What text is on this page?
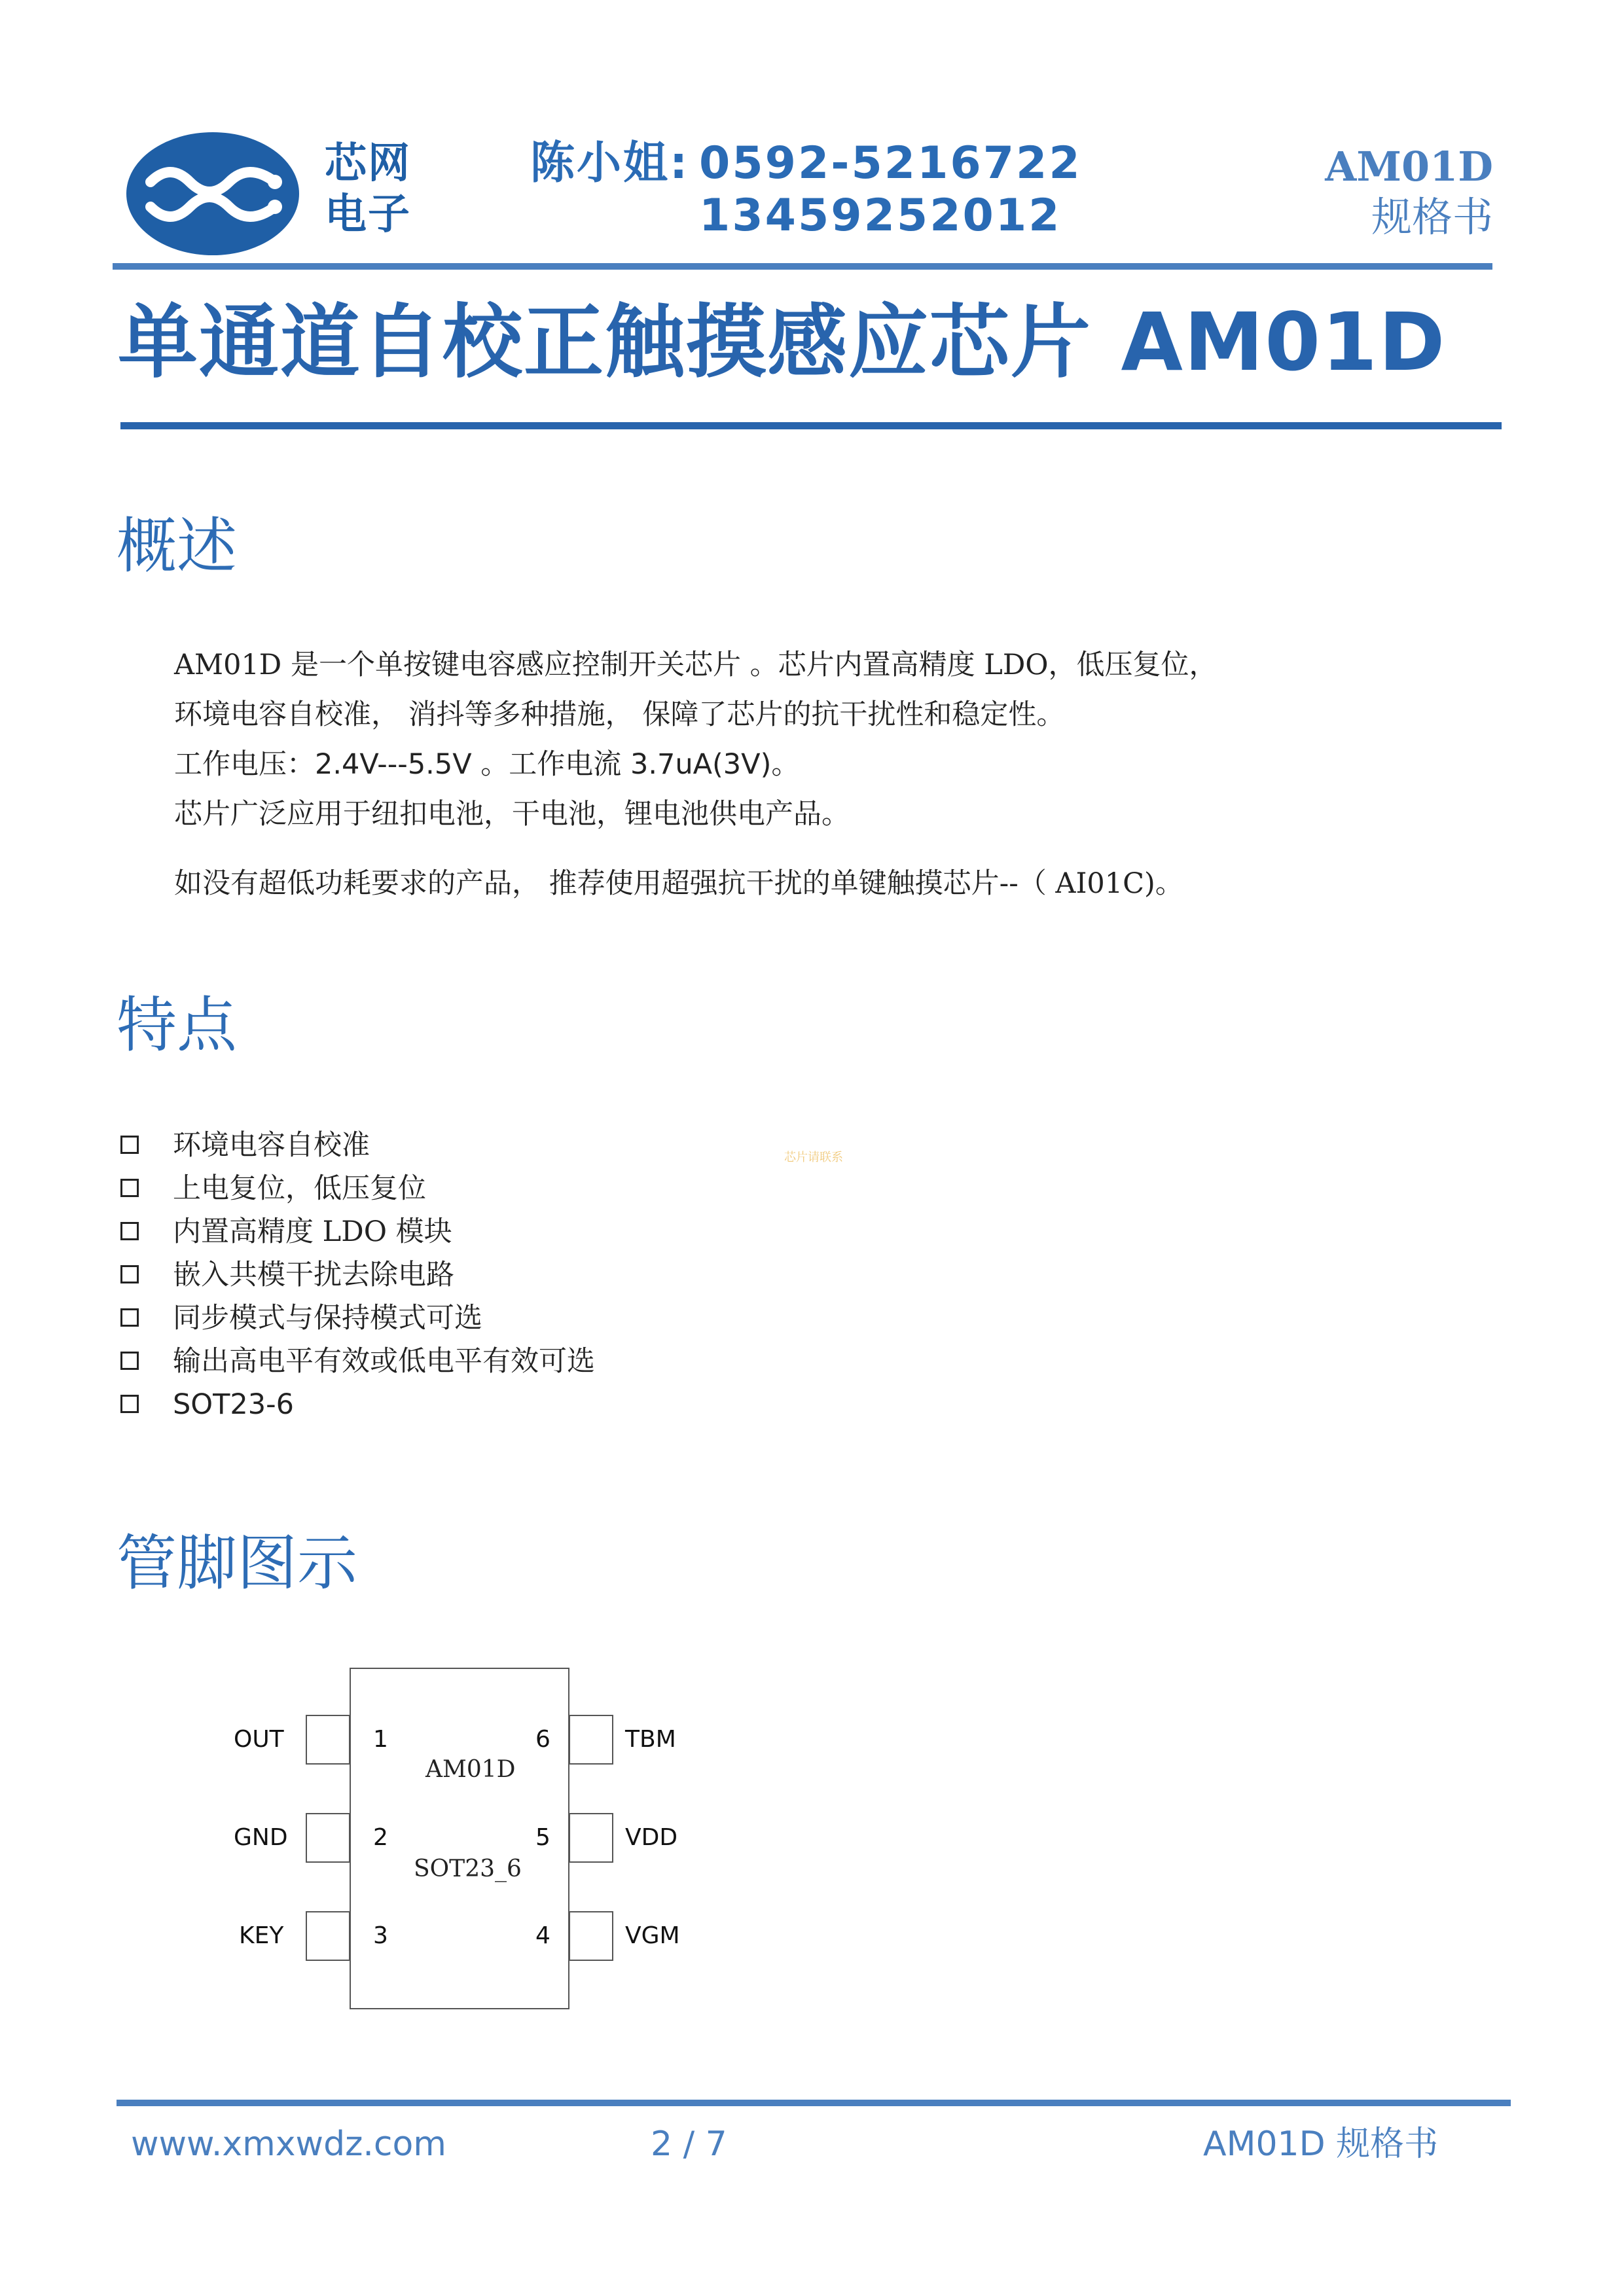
芯网
电子
陈小姐: 0592-5216722
13459252012
AM01D
规格书
单通道自校正触摸感应芯片 AM01D
概述
AM01D 是一个单按键电容感应控制开关芯片 。芯片内置高精度 LDO，低压复位，
环境电容自校准， 消抖等多种措施， 保障了芯片的抗干扰性和稳定性。
工作电压：2.4V---5.5V 。工作电流 3.7uA(3V)。
芯片广泛应用于纽扣电池，干电池，锂电池供电产品。
如没有超低功耗要求的产品， 推荐使用超强抗干扰的单键触摸芯片--（ AI01C)。
特点
环境电容自校准
上电复位，低压复位
内置高精度 LDO 模块
嵌入共模干扰去除电路
同步模式与保持模式可选
输出高电平有效或低电平有效可选
SOT23-6
芯片请联系
管脚图示
AM01D
SOT23_6
1
OUT
2
GND
3
KEY
6	TBM
5	VDD
4	VGM
www.xmxwdz.com	2 / 7	AM01D 规格书
